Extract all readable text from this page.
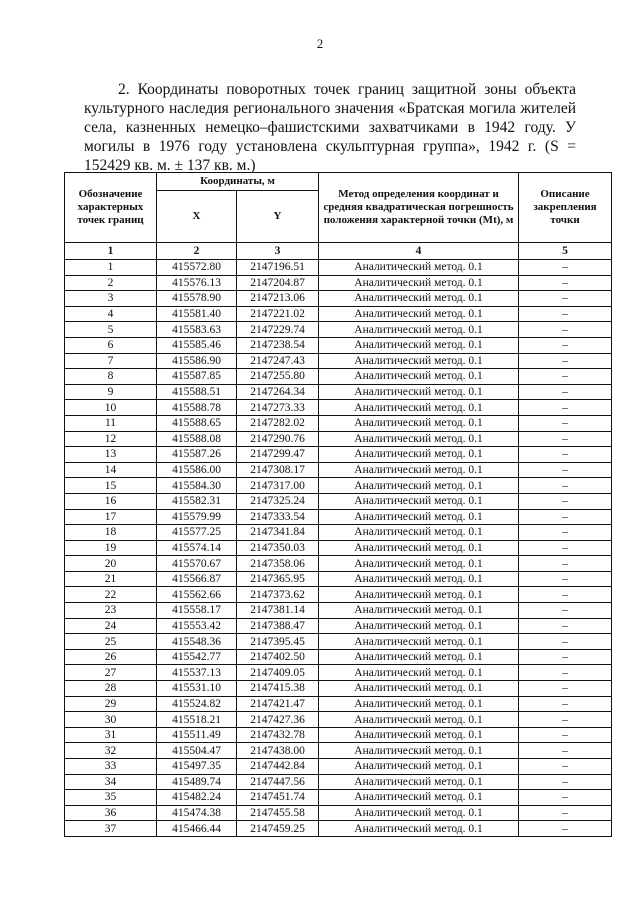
2

2. Координаты поворотных точек границ защитной зоны объекта культурного наследия регионального значения «Братская могила жителей села, казненных немецко–фашистскими захватчиками в 1942 году. У могилы в 1976 году установлена скульптурная группа», 1942 г. (S = 152429 кв. м. ± 137 кв. м.)

Обозначение характерных точек границ	Координаты, м		Метод определения координат и средняя квадратическая погрешность положения характерной точки (Mt), м	Описание закрепления точки
	X	Y		
1	2	3	4	5
1	415572.80	2147196.51	Аналитический метод. 0.1	–
2	415576.13	2147204.87	Аналитический метод. 0.1	–
3	415578.90	2147213.06	Аналитический метод. 0.1	–
4	415581.40	2147221.02	Аналитический метод. 0.1	–
5	415583.63	2147229.74	Аналитический метод. 0.1	–
6	415585.46	2147238.54	Аналитический метод. 0.1	–
7	415586.90	2147247.43	Аналитический метод. 0.1	–
8	415587.85	2147255.80	Аналитический метод. 0.1	–
9	415588.51	2147264.34	Аналитический метод. 0.1	–
10	415588.78	2147273.33	Аналитический метод. 0.1	–
11	415588.65	2147282.02	Аналитический метод. 0.1	–
12	415588.08	2147290.76	Аналитический метод. 0.1	–
13	415587.26	2147299.47	Аналитический метод. 0.1	–
14	415586.00	2147308.17	Аналитический метод. 0.1	–
15	415584.30	2147317.00	Аналитический метод. 0.1	–
16	415582.31	2147325.24	Аналитический метод. 0.1	–
17	415579.99	2147333.54	Аналитический метод. 0.1	–
18	415577.25	2147341.84	Аналитический метод. 0.1	–
19	415574.14	2147350.03	Аналитический метод. 0.1	–
20	415570.67	2147358.06	Аналитический метод. 0.1	–
21	415566.87	2147365.95	Аналитический метод. 0.1	–
22	415562.66	2147373.62	Аналитический метод. 0.1	–
23	415558.17	2147381.14	Аналитический метод. 0.1	–
24	415553.42	2147388.47	Аналитический метод. 0.1	–
25	415548.36	2147395.45	Аналитический метод. 0.1	–
26	415542.77	2147402.50	Аналитический метод. 0.1	–
27	415537.13	2147409.05	Аналитический метод. 0.1	–
28	415531.10	2147415.38	Аналитический метод. 0.1	–
29	415524.82	2147421.47	Аналитический метод. 0.1	–
30	415518.21	2147427.36	Аналитический метод. 0.1	–
31	415511.49	2147432.78	Аналитический метод. 0.1	–
32	415504.47	2147438.00	Аналитический метод. 0.1	–
33	415497.35	2147442.84	Аналитический метод. 0.1	–
34	415489.74	2147447.56	Аналитический метод. 0.1	–
35	415482.24	2147451.74	Аналитический метод. 0.1	–
36	415474.38	2147455.58	Аналитический метод. 0.1	–
37	415466.44	2147459.25	Аналитический метод. 0.1	–
